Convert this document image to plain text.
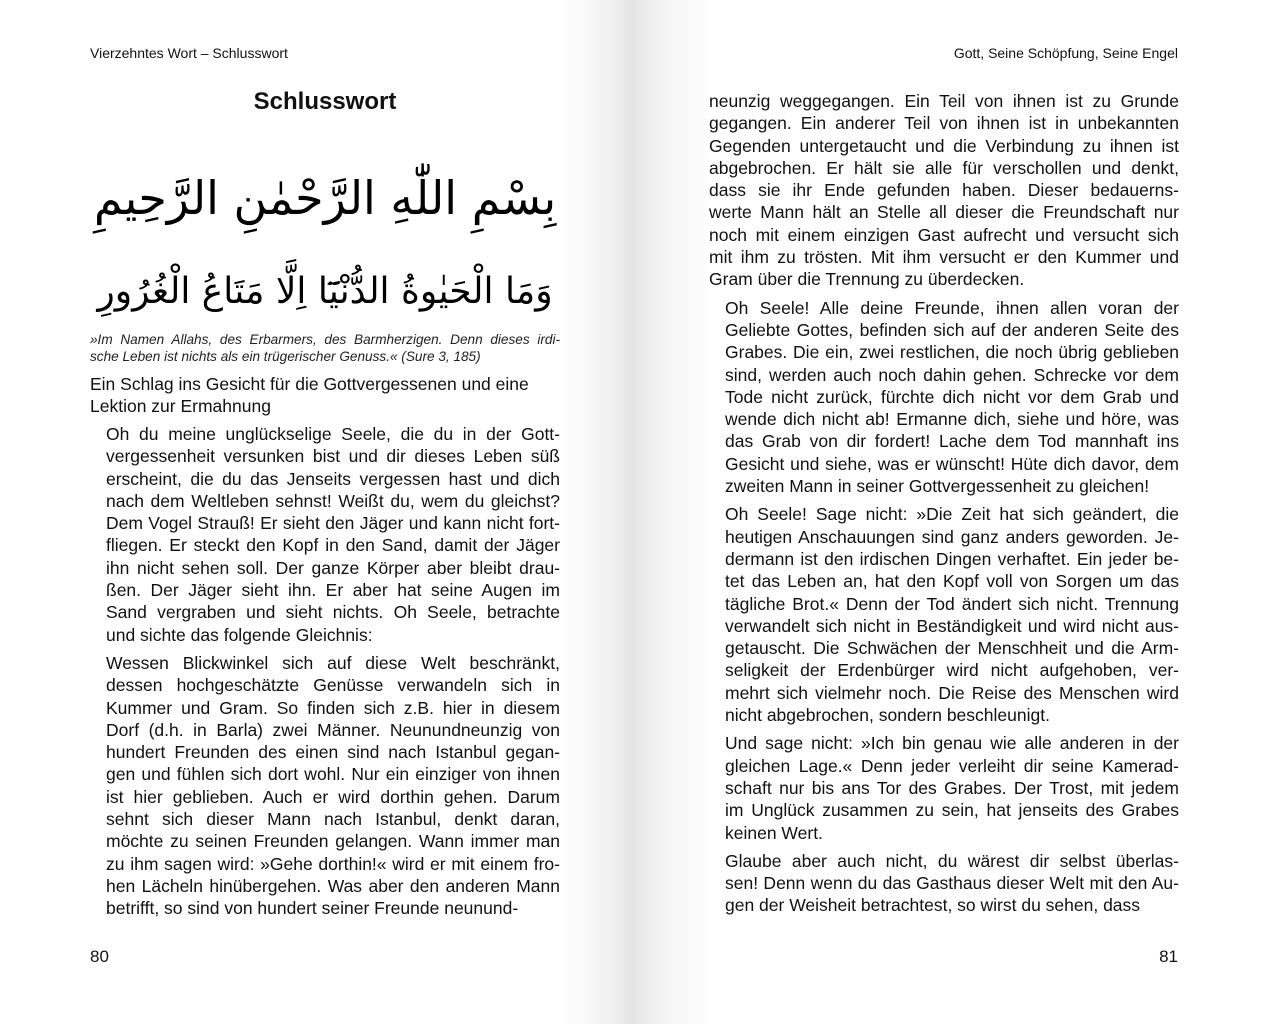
Vierzehntes Wort – Schlusswort
Schlusswort
بِسْمِ اللّٰهِ الرَّحْمٰنِ الرَّحِيمِ
وَمَا الْحَيٰوةُ الدُّنْيَٓا اِلَّا مَتَاعُ الْغُرُورِ
»Im Namen Allahs, des Erbarmers, des Barmherzigen. Denn dieses irdi-
sche Leben ist nichts als ein trügerischer Genuss.« (Sure 3, 185)
Ein Schlag ins Gesicht für die Gottvergessenen und eine
Lektion zur Ermahnung

Oh du meine unglückselige Seele, die du in der Gott-
vergessenheit versunken bist und dir dieses Leben süß
erscheint, die du das Jenseits vergessen hast und dich
nach dem Weltleben sehnst! Weißt du, wem du gleichst?
Dem Vogel Strauß! Er sieht den Jäger und kann nicht fort-
fliegen. Er steckt den Kopf in den Sand, damit der Jäger
ihn nicht sehen soll. Der ganze Körper aber bleibt drau-
ßen. Der Jäger sieht ihn. Er aber hat seine Augen im
Sand vergraben und sieht nichts. Oh Seele, betrachte
und sichte das folgende Gleichnis:

Wessen Blickwinkel sich auf diese Welt beschränkt,
dessen hochgeschätzte Genüsse verwandeln sich in
Kummer und Gram. So finden sich z.B. hier in diesem
Dorf (d.h. in Barla) zwei Männer. Neunundneunzig von
hundert Freunden des einen sind nach Istanbul gegan-
gen und fühlen sich dort wohl. Nur ein einziger von ihnen
ist hier geblieben. Auch er wird dorthin gehen. Darum
sehnt sich dieser Mann nach Istanbul, denkt daran,
möchte zu seinen Freunden gelangen. Wann immer man
zu ihm sagen wird: »Gehe dorthin!« wird er mit einem fro-
hen Lächeln hinübergehen. Was aber den anderen Mann
betrifft, so sind von hundert seiner Freunde neunund-

80
Gott, Seine Schöpfung, Seine Engel

neunzig weggegangen. Ein Teil von ihnen ist zu Grunde
gegangen. Ein anderer Teil von ihnen ist in unbekannten
Gegenden untergetaucht und die Verbindung zu ihnen ist
abgebrochen. Er hält sie alle für verschollen und denkt,
dass sie ihr Ende gefunden haben. Dieser bedauerns-
werte Mann hält an Stelle all dieser die Freundschaft nur
noch mit einem einzigen Gast aufrecht und versucht sich
mit ihm zu trösten. Mit ihm versucht er den Kummer und
Gram über die Trennung zu überdecken.

Oh Seele! Alle deine Freunde, ihnen allen voran der
Geliebte Gottes, befinden sich auf der anderen Seite des
Grabes. Die ein, zwei restlichen, die noch übrig geblieben
sind, werden auch noch dahin gehen. Schrecke vor dem
Tode nicht zurück, fürchte dich nicht vor dem Grab und
wende dich nicht ab! Ermanne dich, siehe und höre, was
das Grab von dir fordert! Lache dem Tod mannhaft ins
Gesicht und siehe, was er wünscht! Hüte dich davor, dem
zweiten Mann in seiner Gottvergessenheit zu gleichen!

Oh Seele! Sage nicht: »Die Zeit hat sich geändert, die
heutigen Anschauungen sind ganz anders geworden. Je-
dermann ist den irdischen Dingen verhaftet. Ein jeder be-
tet das Leben an, hat den Kopf voll von Sorgen um das
tägliche Brot.« Denn der Tod ändert sich nicht. Trennung
verwandelt sich nicht in Beständigkeit und wird nicht aus-
getauscht. Die Schwächen der Menschheit und die Arm-
seligkeit der Erdenbürger wird nicht aufgehoben, ver-
mehrt sich vielmehr noch. Die Reise des Menschen wird
nicht abgebrochen, sondern beschleunigt.

Und sage nicht: »Ich bin genau wie alle anderen in der
gleichen Lage.« Denn jeder verleiht dir seine Kamerad-
schaft nur bis ans Tor des Grabes. Der Trost, mit jedem
im Unglück zusammen zu sein, hat jenseits des Grabes
keinen Wert.

Glaube aber auch nicht, du wärest dir selbst überlas-
sen! Denn wenn du das Gasthaus dieser Welt mit den Au-
gen der Weisheit betrachtest, so wirst du sehen, dass

81
